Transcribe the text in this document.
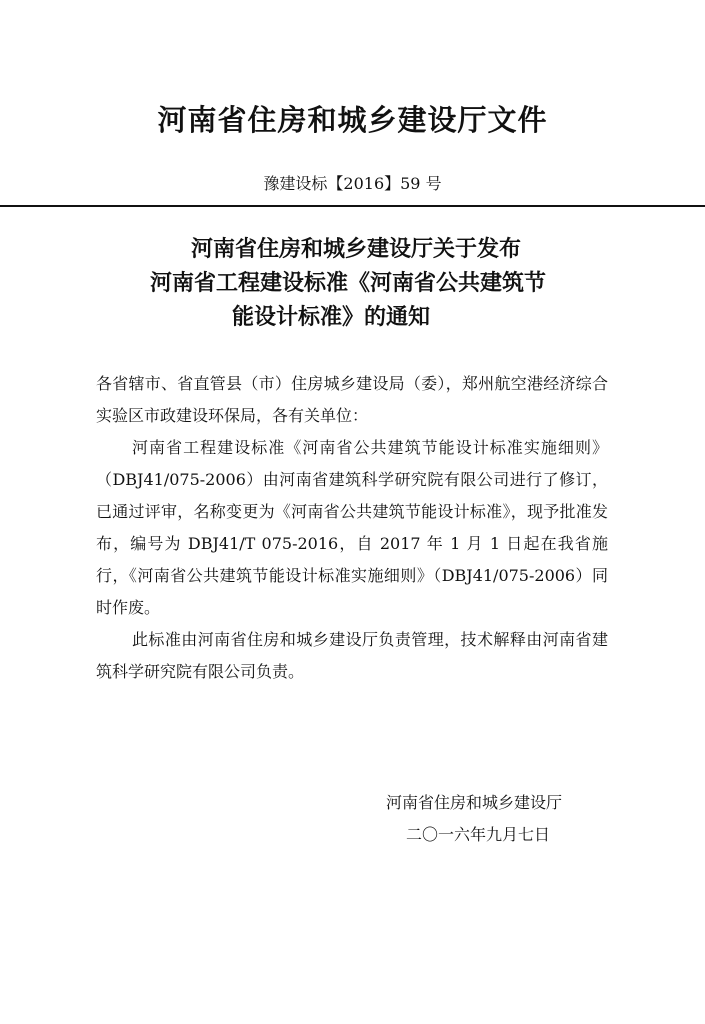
河南省住房和城乡建设厅文件
豫建设标【2016】59 号
河南省住房和城乡建设厅关于发布
河南省工程建设标准《河南省公共建筑节
能设计标准》的通知
各省辖市、省直管县（市）住房城乡建设局（委），郑州航空港经济综合实验区市政建设环保局，各有关单位：
河南省工程建设标准《河南省公共建筑节能设计标准实施细则》（DBJ41/075-2006）由河南省建筑科学研究院有限公司进行了修订，已通过评审，名称变更为《河南省公共建筑节能设计标准》，现予批准发布，编号为 DBJ41/T 075-2016，自 2017 年 1 月 1 日起在我省施行，《河南省公共建筑节能设计标准实施细则》（DBJ41/075-2006）同时作废。
此标准由河南省住房和城乡建设厅负责管理，技术解释由河南省建筑科学研究院有限公司负责。
河南省住房和城乡建设厅
二〇一六年九月七日
